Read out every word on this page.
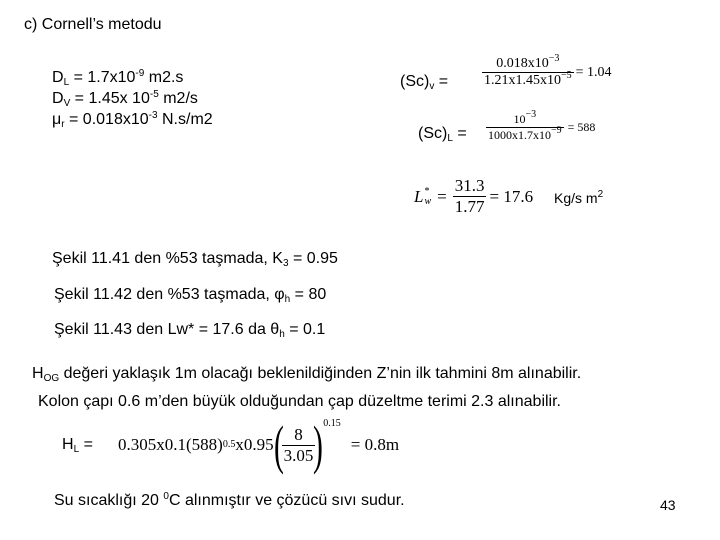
c) Cornell’s metodu
$D_L = 1.7x10^{-9}$ m2.s
$D_V = 1.45x$ $10^{-5}$ m2/s
$\mu_r = 0.018x10^{-3}$ N.s/m2
$(Sc)_v = \frac{0.018x10^{-3}}{1.21x1.45x10^{-5}} = 1.04$
$(Sc)_L = \frac{10^{-3}}{1000x1.7x10^{-9}} = 588$
L *
$w = \frac{31.3}{1.77} = 17.6$ Kg/s $m^2$
Şekil 11.41 den %53 taşmada, $K_3 = 0.95$
Şekil 11.42 den %53 taşmada, $\varphi_h = 80$
Şekil 11.43 den Lw* = 17.6 da $\theta_h = 0.1$
$H_{OG}$ değeri yaklaşık 1m olacağı beklenildiğinden Z’nin ilk tahmini 8m alınabilir.
Kolon çapı 0.6 m’den büyük olduğundan çap düzeltme terimi 2.3 alınabilir.
$H_L = 0.305x0.1(588)$ 0.5 x0.95 (
$\frac{8}{3.05}$
) 0.15
= 0.8m
Su sıcaklığı 20 $^0$C alınmıştır ve çözücü sıvı sudur.	43
